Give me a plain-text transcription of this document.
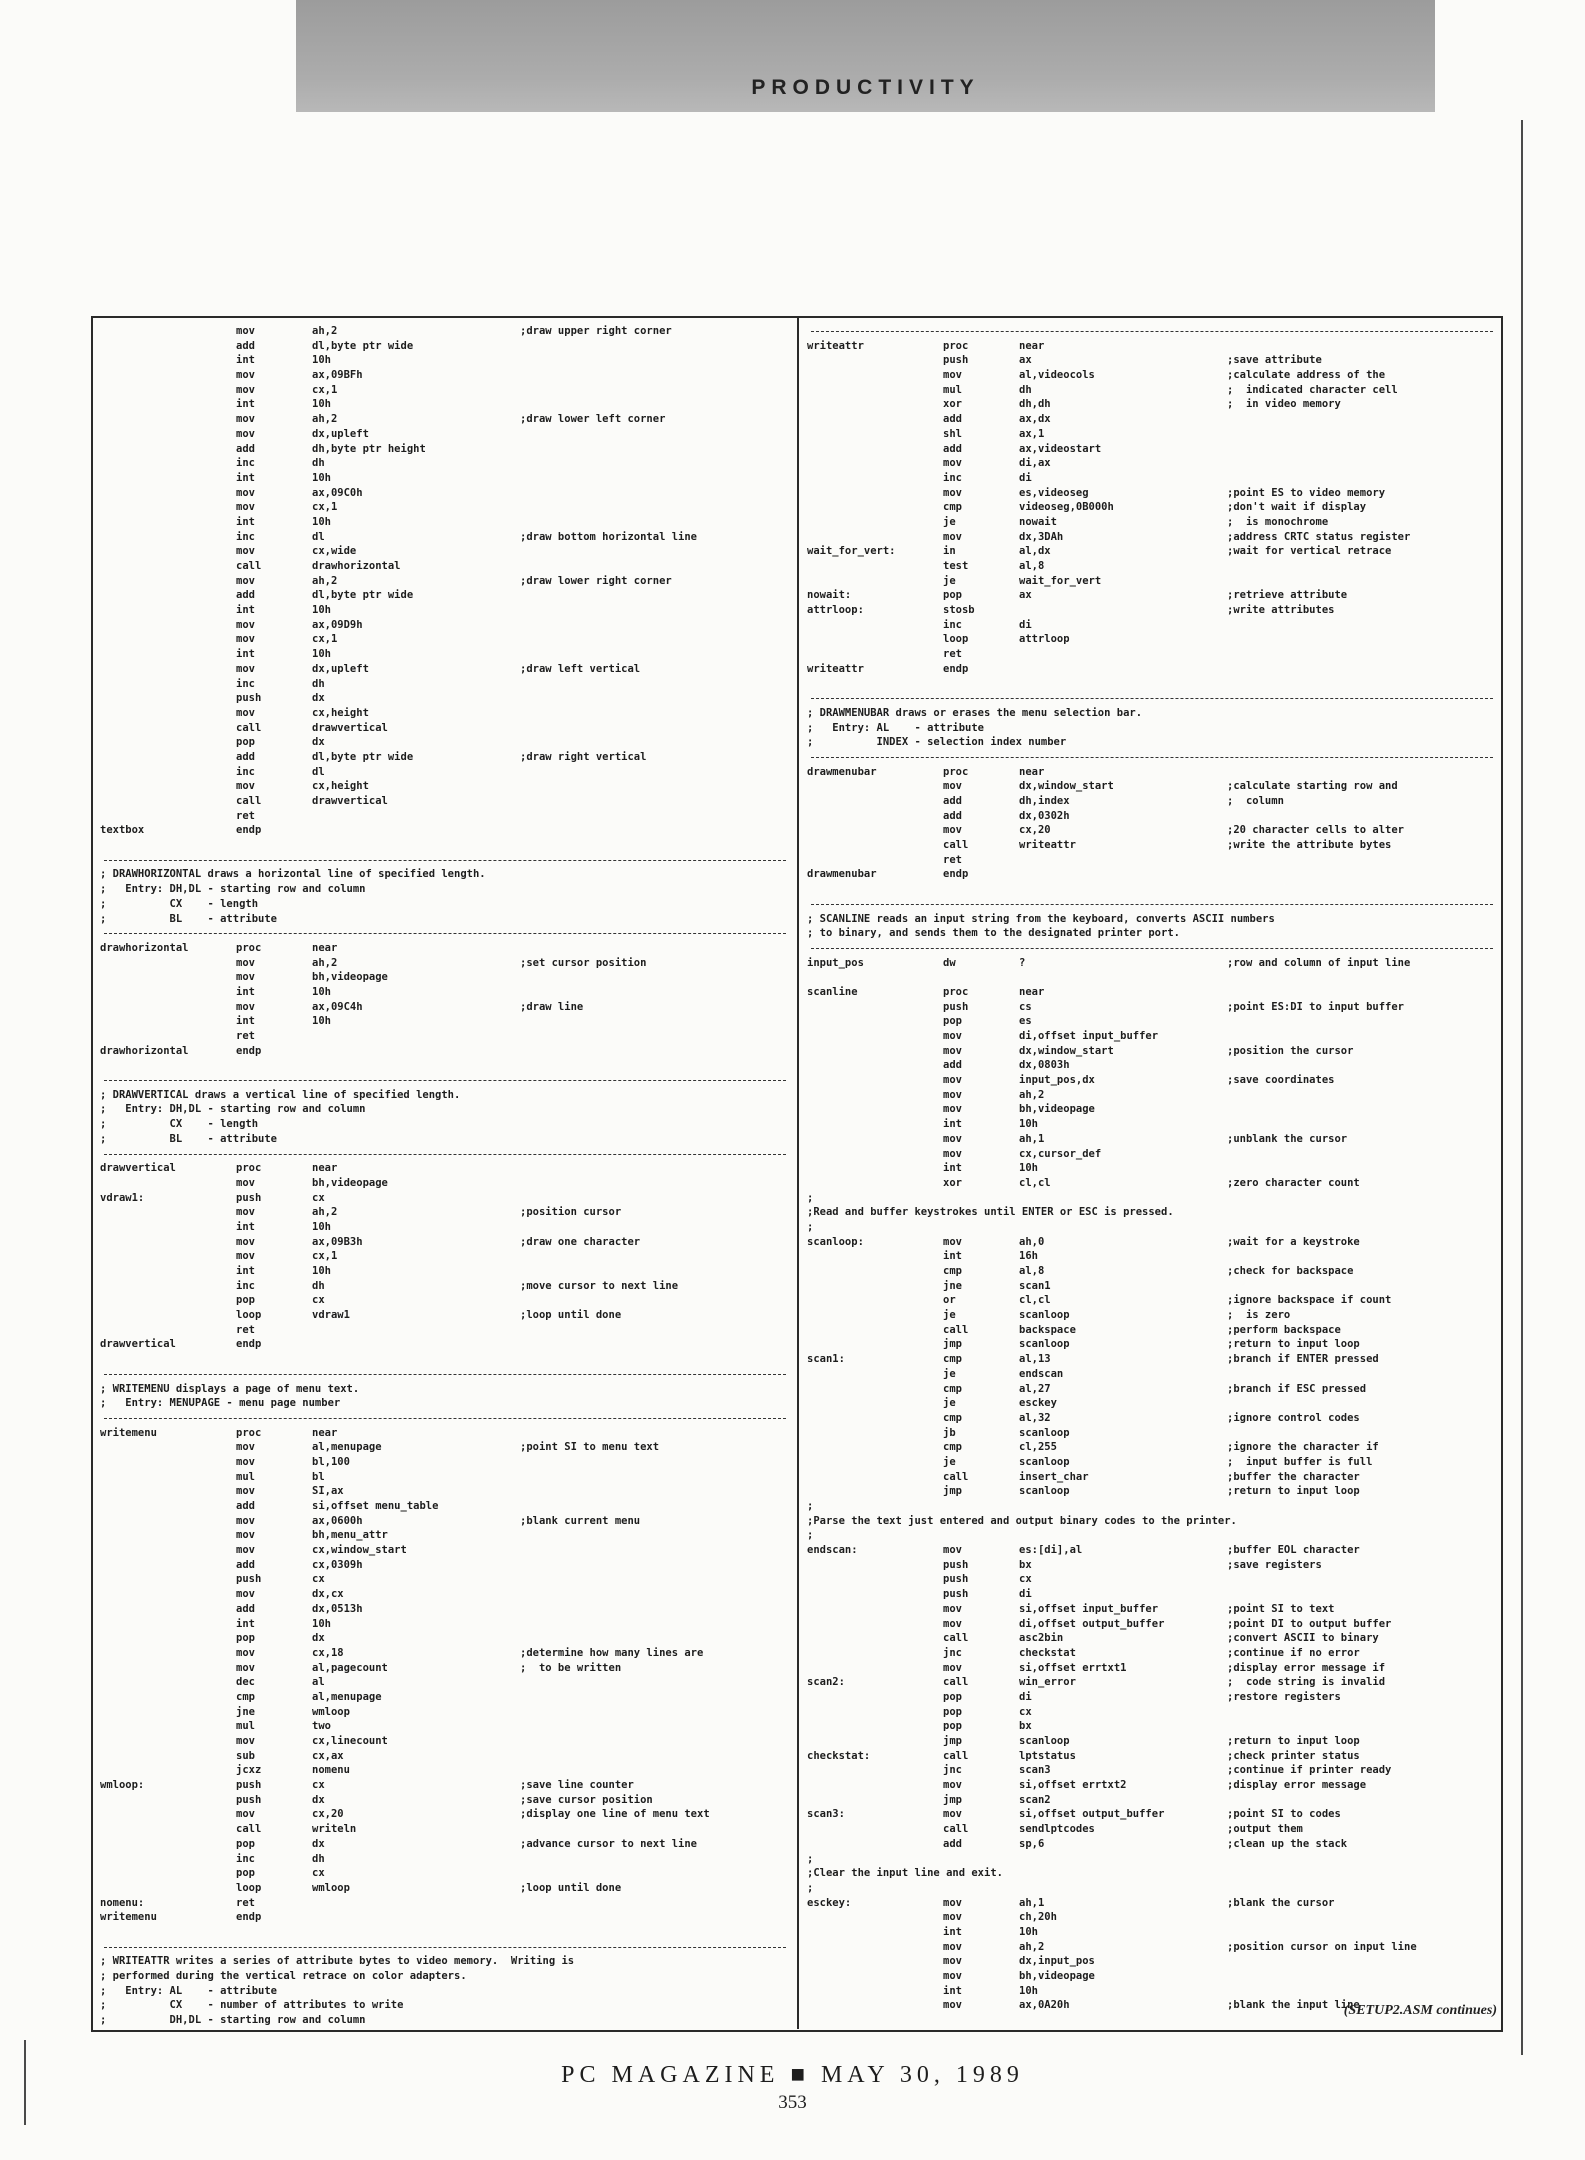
PRODUCTIVITY
mov	ah,2	;draw upper right corner
add	dl,byte ptr wide
int	10h
mov	ax,09BFh
mov	cx,1
int	10h
mov	ah,2	;draw lower left corner
mov	dx,upleft
add	dh,byte ptr height
inc	dh
int	10h
mov	ax,09C0h
mov	cx,1
int	10h
inc	dl	;draw bottom horizontal line
mov	cx,wide
call	drawhorizontal
mov	ah,2	;draw lower right corner
add	dl,byte ptr wide
int	10h
mov	ax,09D9h
mov	cx,1
int	10h
mov	dx,upleft	;draw left vertical
inc	dh
push	dx
mov	cx,height
call	drawvertical
pop	dx
add	dl,byte ptr wide	;draw right vertical
inc	dl
mov	cx,height
call	drawvertical
ret
textbox	endp
; DRAWHORIZONTAL draws a horizontal line of specified length.
;   Entry: DH,DL - starting row and column
;          CX    - length
;          BL    - attribute
drawhorizontal	proc	near
mov	ah,2	;set cursor position
mov	bh,videopage
int	10h
mov	ax,09C4h	;draw line
int	10h
ret
drawhorizontal	endp
; DRAWVERTICAL draws a vertical line of specified length.
;   Entry: DH,DL - starting row and column
;          CX    - length
;          BL    - attribute
drawvertical	proc	near
mov	bh,videopage
vdraw1:	push	cx
mov	ah,2	;position cursor
int	10h
mov	ax,09B3h	;draw one character
mov	cx,1
int	10h
inc	dh	;move cursor to next line
pop	cx
loop	vdraw1	;loop until done
ret
drawvertical	endp
; WRITEMENU displays a page of menu text.
;   Entry: MENUPAGE - menu page number
writemenu	proc	near
mov	al,menupage	;point SI to menu text
mov	bl,100
mul	bl
mov	SI,ax
add	si,offset menu_table
mov	ax,0600h	;blank current menu
mov	bh,menu_attr
mov	cx,window_start
add	cx,0309h
push	cx
mov	dx,cx
add	dx,0513h
int	10h
pop	dx
mov	cx,18	;determine how many lines are
mov	al,pagecount	;  to be written
dec	al
cmp	al,menupage
jne	wmloop
mul	two
mov	cx,linecount
sub	cx,ax
jcxz	nomenu
wmloop:	push	cx	;save line counter
push	dx	;save cursor position
mov	cx,20	;display one line of menu text
call	writeln
pop	dx	;advance cursor to next line
inc	dh
pop	cx
loop	wmloop	;loop until done
nomenu:	ret
writemenu	endp
; WRITEATTR writes a series of attribute bytes to video memory.  Writing is
; performed during the vertical retrace on color adapters.
;   Entry: AL    - attribute
;          CX    - number of attributes to write
;          DH,DL - starting row and column
writeattr	proc	near
push	ax	;save attribute
mov	al,videocols	;calculate address of the
mul	dh	;  indicated character cell
xor	dh,dh	;  in video memory
add	ax,dx
shl	ax,1
add	ax,videostart
mov	di,ax
inc	di
mov	es,videoseg	;point ES to video memory
cmp	videoseg,0B000h	;don't wait if display
je	nowait	;  is monochrome
mov	dx,3DAh	;address CRTC status register
wait_for_vert:	in	al,dx	;wait for vertical retrace
test	al,8
je	wait_for_vert
nowait:	pop	ax	;retrieve attribute
attrloop:	stosb	;write attributes
inc	di
loop	attrloop
ret
writeattr	endp
; DRAWMENUBAR draws or erases the menu selection bar.
;   Entry: AL    - attribute
;          INDEX - selection index number
drawmenubar	proc	near
mov	dx,window_start	;calculate starting row and
add	dh,index	;  column
add	dx,0302h
mov	cx,20	;20 character cells to alter
call	writeattr	;write the attribute bytes
ret
drawmenubar	endp
; SCANLINE reads an input string from the keyboard, converts ASCII numbers
; to binary, and sends them to the designated printer port.
input_pos	dw	?	;row and column of input line
scanline	proc	near
push	cs	;point ES:DI to input buffer
pop	es
mov	di,offset input_buffer
mov	dx,window_start	;position the cursor
add	dx,0803h
mov	input_pos,dx	;save coordinates
mov	ah,2
mov	bh,videopage
int	10h
mov	ah,1	;unblank the cursor
mov	cx,cursor_def
int	10h
xor	cl,cl	;zero character count
;
;Read and buffer keystrokes until ENTER or ESC is pressed.
;
scanloop:	mov	ah,0	;wait for a keystroke
int	16h
cmp	al,8	;check for backspace
jne	scan1
or	cl,cl	;ignore backspace if count
je	scanloop	;  is zero
call	backspace	;perform backspace
jmp	scanloop	;return to input loop
scan1:	cmp	al,13	;branch if ENTER pressed
je	endscan
cmp	al,27	;branch if ESC pressed
je	esckey
cmp	al,32	;ignore control codes
jb	scanloop
cmp	cl,255	;ignore the character if
je	scanloop	;  input buffer is full
call	insert_char	;buffer the character
jmp	scanloop	;return to input loop
;
;Parse the text just entered and output binary codes to the printer.
;
endscan:	mov	es:[di],al	;buffer EOL character
push	bx	;save registers
push	cx
push	di
mov	si,offset input_buffer	;point SI to text
mov	di,offset output_buffer	;point DI to output buffer
call	asc2bin	;convert ASCII to binary
jnc	checkstat	;continue if no error
mov	si,offset errtxt1	;display error message if
scan2:	call	win_error	;  code string is invalid
pop	di	;restore registers
pop	cx
pop	bx
jmp	scanloop	;return to input loop
checkstat:	call	lptstatus	;check printer status
jnc	scan3	;continue if printer ready
mov	si,offset errtxt2	;display error message
jmp	scan2
scan3:	mov	si,offset output_buffer	;point SI to codes
call	sendlptcodes	;output them
add	sp,6	;clean up the stack
;
;Clear the input line and exit.
;
esckey:	mov	ah,1	;blank the cursor
mov	ch,20h
int	10h
mov	ah,2	;position cursor on input line
mov	dx,input_pos
mov	bh,videopage
int	10h
mov	ax,0A20h	;blank the input line
(SETUP2.ASM continues)
PC MAGAZINE ■ MAY 30, 1989
353
